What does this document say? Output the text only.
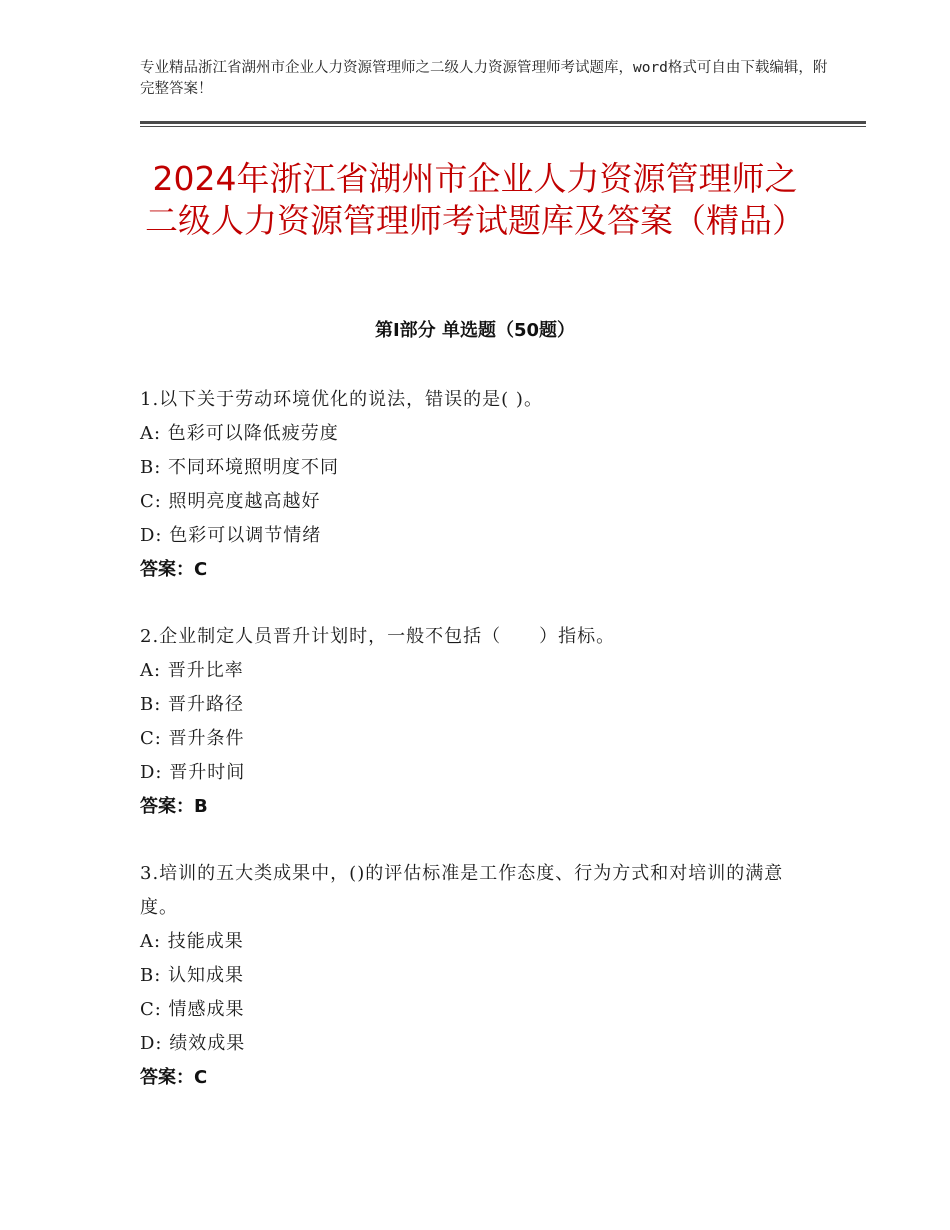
专业精品浙江省湖州市企业人力资源管理师之二级人力资源管理师考试题库，word格式可自由下载编辑，附完整答案！
2024年浙江省湖州市企业人力资源管理师之二级人力资源管理师考试题库及答案（精品）
第Ⅰ部分 单选题（50题）
1.以下关于劳动环境优化的说法，错误的是( )。
A: 色彩可以降低疲劳度
B: 不同环境照明度不同
C: 照明亮度越高越好
D: 色彩可以调节情绪
答案：C
2.企业制定人员晋升计划时，一般不包括（　　）指标。
A: 晋升比率
B: 晋升路径
C: 晋升条件
D: 晋升时间
答案：B
3.培训的五大类成果中，()的评估标准是工作态度、行为方式和对培训的满意度。
A: 技能成果
B: 认知成果
C: 情感成果
D: 绩效成果
答案：C
